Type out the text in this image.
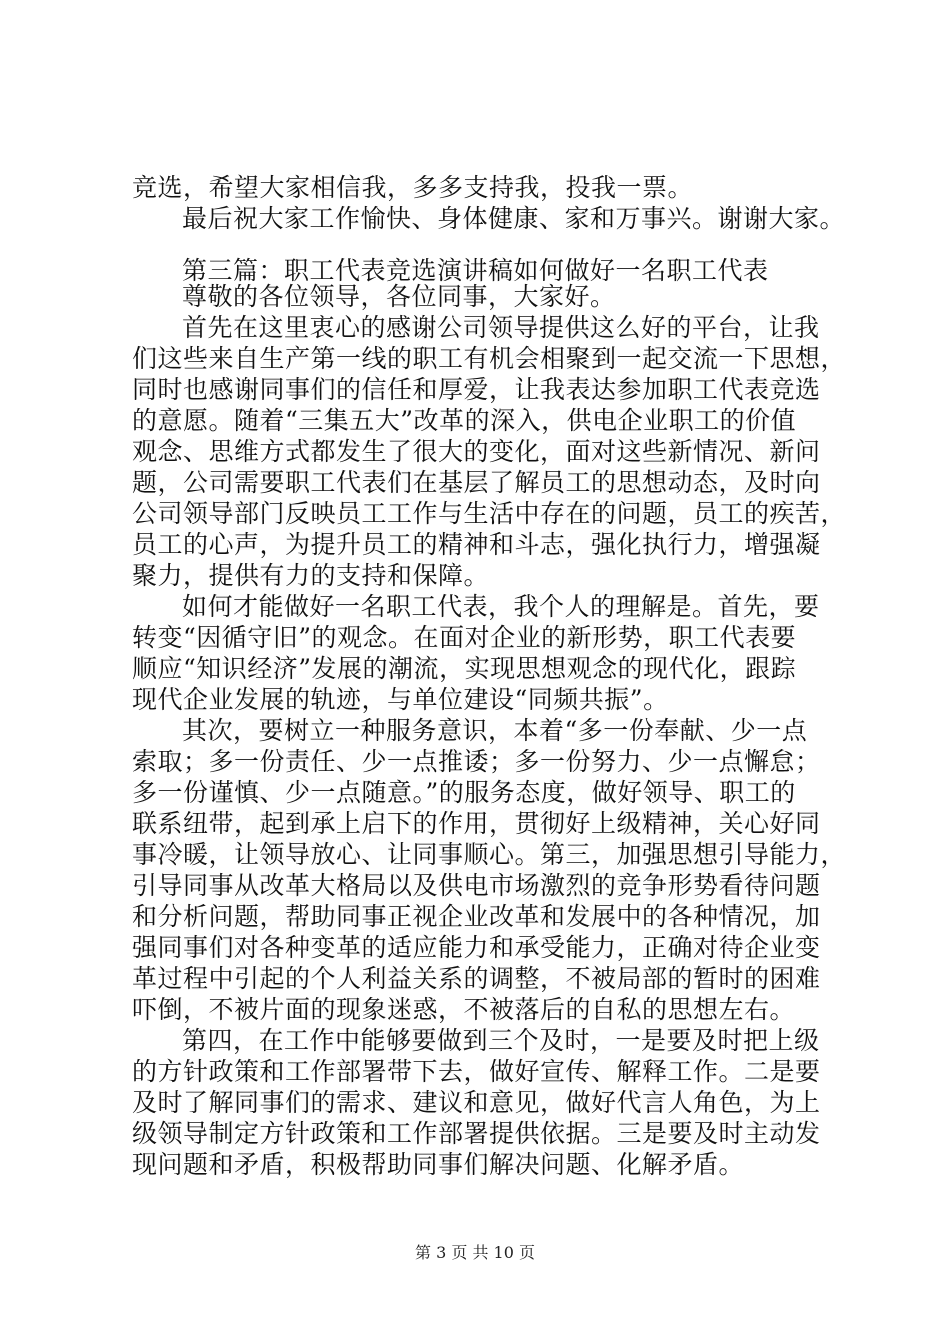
竞选，希望大家相信我，多多支持我，投我一票。
最后祝大家工作愉快、身体健康、家和万事兴。谢谢大家。
第三篇：职工代表竞选演讲稿如何做好一名职工代表
尊敬的各位领导，各位同事，大家好。
首先在这里衷心的感谢公司领导提供这么好的平台，让我
们这些来自生产第一线的职工有机会相聚到一起交流一下思想，
同时也感谢同事们的信任和厚爱，让我表达参加职工代表竞选
的意愿。随着“三集五大”改革的深入，供电企业职工的价值
观念、思维方式都发生了很大的变化，面对这些新情况、新问
题，公司需要职工代表们在基层了解员工的思想动态，及时向
公司领导部门反映员工工作与生活中存在的问题，员工的疾苦，
员工的心声，为提升员工的精神和斗志，强化执行力，增强凝
聚力，提供有力的支持和保障。
如何才能做好一名职工代表，我个人的理解是。首先，要
转变“因循守旧”的观念。在面对企业的新形势，职工代表要
顺应“知识经济”发展的潮流，实现思想观念的现代化，跟踪
现代企业发展的轨迹，与单位建设“同频共振”。
其次，要树立一种服务意识，本着“多一份奉献、少一点
索取；多一份责任、少一点推诿；多一份努力、少一点懈怠；
多一份谨慎、少一点随意。”的服务态度，做好领导、职工的
联系纽带，起到承上启下的作用，贯彻好上级精神，关心好同
事冷暖，让领导放心、让同事顺心。第三，加强思想引导能力，
引导同事从改革大格局以及供电市场激烈的竞争形势看待问题
和分析问题，帮助同事正视企业改革和发展中的各种情况，加
强同事们对各种变革的适应能力和承受能力，正确对待企业变
革过程中引起的个人利益关系的调整，不被局部的暂时的困难
吓倒，不被片面的现象迷惑，不被落后的自私的思想左右。
第四，在工作中能够要做到三个及时，一是要及时把上级
的方针政策和工作部署带下去，做好宣传、解释工作。二是要
及时了解同事们的需求、建议和意见，做好代言人角色，为上
级领导制定方针政策和工作部署提供依据。三是要及时主动发
现问题和矛盾，积极帮助同事们解决问题、化解矛盾。
第 3 页 共 10 页
